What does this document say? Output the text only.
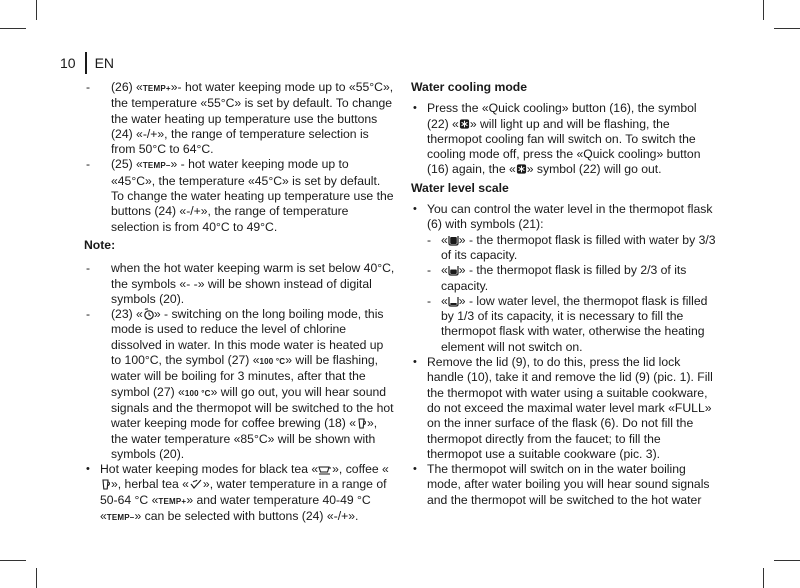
10 EN

- (26) «TEMP+»- hot water keeping mode up to «55°C», the temperature «55°C» is set by default. To change the water heating up temperature use the buttons (24) «-/+», the range of temperature selection is from 50°C to 64°C.

- (25) «TEMP–» - hot water keeping mode up to «45°C», the temperature «45°C» is set by default. To change the water heating up temperature use the buttons (24) «-/+», the range of temperature selection is from 40°C to 49°C.

Note:

- when the hot water keeping warm is set below 40°C, the symbols «- -» will be shown instead of digital symbols (20).

- (23) « » - switching on the long boiling mode, this mode is used to reduce the level of chlorine dissolved in water. In this mode water is heated up to 100°C, the symbol (27) «100 °C» will be flashing, water will be boiling for 3 minutes, after that the symbol (27) «100 °C» will go out, you will hear sound signals and the thermopot will be switched to the hot water keeping mode for coffee brewing (18) « », the water temperature «85°C» will be shown with symbols (20).

• Hot water keeping modes for black tea « », coffee «», herbal tea « », water temperature in a range of 50-64 °C «TEMP+» and water temperature 40-49 °C «TEMP–» can be selected with buttons (24) «-/+».

Water cooling mode

• Press the «Quick cooling» button (16), the symbol (22) « » will light up and will be flashing, the thermopot cooling fan will switch on. To switch the cooling mode off, press the «Quick cooling» button (16) again, the « » symbol (22) will go out.

Water level scale

• You can control the water level in the thermopot flask (6) with symbols (21):

- « » - the thermopot flask is filled with water by 3/3 of its capacity.

- « » - the thermopot flask is filled by 2/3 of its capacity.

- « » - low water level, the thermopot flask is filled by 1/3 of its capacity, it is necessary to fill the thermopot flask with water, otherwise the heating element will not switch on.

• Remove the lid (9), to do this, press the lid lock handle (10), take it and remove the lid (9) (pic. 1). Fill the thermopot with water using a suitable cookware, do not exceed the maximal water level mark «FULL» on the inner surface of the flask (6). Do not fill the thermopot directly from the faucet; to fill the thermopot use a suitable cookware (pic. 3).

• The thermopot will switch on in the water boiling mode, after water boiling you will hear sound signals and the thermopot will be switched to the hot water
